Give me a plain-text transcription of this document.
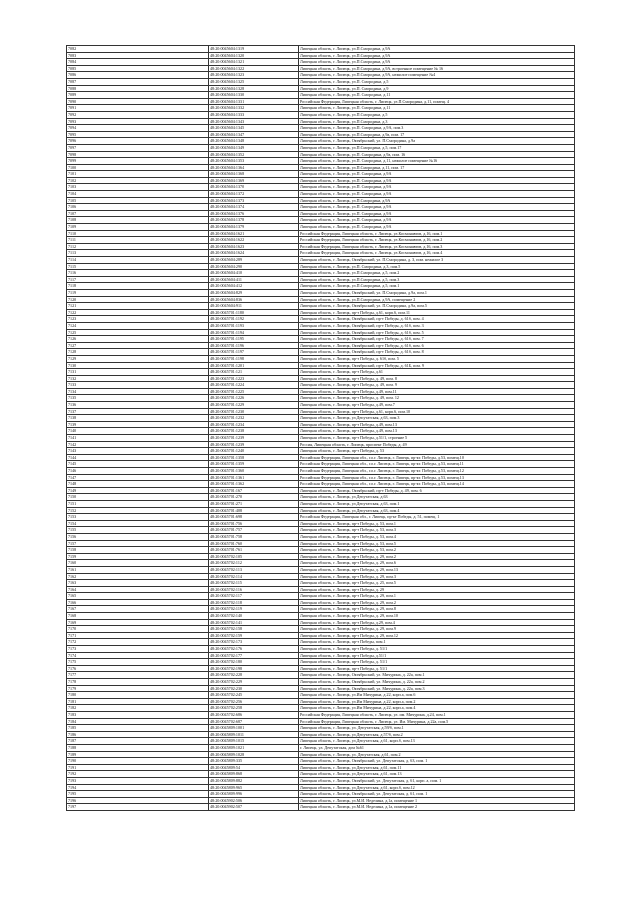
7082	48:20:0045604:1319	Липецкая область, г. Липецк, ул.П.Смородина, д.9А
7083	48:20:0045604:1320	Липецкая область, г. Липецк, ул.П.Смородина, д.9А
7084	48:20:0045604:1321	Липецкая область, г. Липецк, ул.П.Смородина, д.9А
7085	48:20:0045604:1322	Липецкая область, г. Липецк, ул.П.Смородина, д.9А, встроенное помещение № 16
7086	48:20:0045604:1323	Липецкая область, г. Липецк, ул.П.Смородина, д.9А, нежилое помещение №4
7087	48:20:0045604:1325	Липецкая область, г. Липецк, ул.П. Смородина, д.5
7088	48:20:0045604:1328	Липецкая область, г. Липецк, ул.П. Смородина, д.9
7089	48:20:0045604:1330	Липецкая область, г. Липецк, ул.П. Смородина, д.11
7090	48:20:0045604:1331	Российская Федерация, Липецкая область, г. Липецк, ул.П.Смородина, д.11, помещ. 4
7091	48:20:0045604:1332	Липецкая область, г. Липецк, ул.П. Смородина, д.11
7092	48:20:0045604:1333	Липецкая область, г. Липецк, ул.П.Смородина, д.5
7093	48:20:0045604:1343	Липецкая область, г. Липецк, ул.П.Смородина, д.3
7094	48:20:0045604:1345	Липецкая область, г. Липецк, ул.П. Смородина, д.9А, пом.3
7095	48:20:0045604:1347	Липецкая область, г. Липецк, ул.П.Смородина, д.9а, пом. 17
7096	48:20:0045604:1348	Липецкая область, г. Липецк, Октябрьский, ул. П.Смородина, д.9а
7097	48:20:0045604:1349	Липецкая область, г. Липецк, ул.П.Смородина, д.5, пом.17
7098	48:20:0045604:1352	Липецкая область, г. Липецк, ул.П. Смородина, д.9а, пом. 16
7099	48:20:0045604:1353	Липецкая область, г. Липецк, ул.П. Смородина, д.11, нежилое помещение №16
7100	48:20:0045604:1364	Липецкая область, г. Липецк, ул.П.Смородина, д.11, пом. 17
7101	48:20:0045604:1368	Липецкая область, г. Липецк, ул.П. Смородина, д.9А
7102	48:20:0045604:1369	Липецкая область, г. Липецк, ул.П. Смородина, д.9А
7103	48:20:0045604:1370	Липецкая область, г. Липецк, ул.П. Смородина, д.9А
7104	48:20:0045604:1372	Липецкая область, г. Липецк, ул.П. Смородина, д.9А
7105	48:20:0045604:1373	Липецкая область, г. Липецк, ул.П.Смородина, д.9А
7106	48:20:0045604:1374	Липецкая область, г. Липецк, ул.П. Смородина, д.9А
7107	48:20:0045604:1376	Липецкая область, г. Липецк, ул.П. Смородина, д.9А
7108	48:20:0045604:1378	Липецкая область, г. Липецк, ул.П. Смородина, д.9А
7109	48:20:0045604:1379	Липецкая область, г. Липецк, ул.П. Смородина, д.9А
7110	48:20:0045604:1621	Российская Федерация, Липецкая область, г. Липецк, ул.Космонавтов, д.16, пом.1
7111	48:20:0045604:1622	Российская Федерация, Липецкая область, г. Липецк, ул.Космонавтов, д.16, пом.2
7112	48:20:0045604:1623	Российская Федерация, Липецкая область, г. Липецк, ул.Космонавтов, д.16, пом.3
7113	48:20:0045604:1624	Российская Федерация, Липецкая область, г. Липецк, ул.Космонавтов, д.16, пом.4
7114	48:20:0045604:289	Липецкая область, г. Липецк, Октябрьский, ул. П.Смородина, д. 3, пом. нежилое 3
7115	48:20:0045604:290	Липецкая область, г. Липецк, ул.П. Смородина, д.3, пом.5
7116	48:20:0045604:410	Липецкая область, г. Липецк, ул.П.Смородина, д.5, пом.2
7117	48:20:0045604:411	Липецкая область, г. Липецк, ул.П.Смородина, д.5, пом.3
7118	48:20:0045604:412	Липецкая область, г. Липецк, ул.П.Смородина, д.5, пом.1
7119	48:20:0045604:829	Липецкая область, г. Липецк, Октябрьский, ул. П.Смородина, д.9а, пом.1
7120	48:20:0045604:836	Липецкая область, г. Липецк, ул.П.Смородина, д.9А, помещение 2
7121	48:20:0045604:911	Липецкая область, г. Липецк, Октябрьский, ул. П.Смородина, д.9а, пом.5
7122	48:20:0045701:1180	Липецкая область, г. Липецк, пр-т Победы, д.61, корп.6, пом.11
7123	48:20:0045701:1192	Липецкая область, г. Липецк, Октябрьский, пр-т Победы, д. 61б, пом. 4
7124	48:20:0045701:1193	Липецкая область, г. Липецк, Октябрьский, пр-т Победы, д. 61б, пом. 3
7125	48:20:0045701:1194	Липецкая область, г. Липецк, Октябрьский, пр-т Победы, д. 61б, пом. 5
7126	48:20:0045701:1195	Липецкая область, г. Липецк, Октябрьский, пр-т Победы, д. 61б, пом. 7
7127	48:20:0045701:1196	Липецкая область, г. Липецк, Октябрьский, пр-т Победы, д. 61б, пом. 6
7128	48:20:0045701:1197	Липецкая область, г. Липецк, Октябрьский, пр-т Победы, д. 61б, пом. 8
7129	48:20:0045701:1198	Липецкая область, г. Липецк, пр-т Победы, д. 61б, пом. 5
7130	48:20:0045701:1201	Липецкая область, г. Липецк, Октябрьский, пр-т Победы, д. 61Б, пом. 9
7131	48:20:0045701:121	Липецкая область, г. Липецк, пр-т Победы, д.61
7132	48:20:0045701:1223	Липецкая область, г. Липецк, пр-т Победы, д. 49, пом. 8
7133	48:20:0045701:1224	Липецкая область, г. Липецк, пр-т Победы, д. 49, пом. 9
7134	48:20:0045701:1225	Липецкая область, г. Липецк, пр-т Победы, д.49, пом.11
7135	48:20:0045701:1226	Липецкая область, г. Липецк, пр-т Победы, д. 49, пом. 12
7136	48:20:0045701:1229	Липецкая область, г. Липецк, пр-т Победы, д.49, пом.7
7137	48:20:0045701:1230	Липецкая область, г. Липецк, пр-т Победы, д.61, корп.6, пом.10
7138	48:20:0045701:1232	Липецкая область, г. Липецк, ул.Депутатская, д.63, пом.3
7139	48:20:0045701:1234	Липецкая область, г. Липецк, пр-т Победы, д.49, пом.13
7140	48:20:0045701:1238	Липецкая область, г. Липецк, пр-т Победы, д.49, пом.13
7141	48:20:0045701:1239	Липецкая область, г. Липецк, пр-т Победы, д.51/1, строение 5
7142	48:20:0045701:1239	Россия, Липецкая область, г. Липецк, проспект Победы, д. 49
7143	48:20:0045701:1240	Липецкая область, г. Липецк, пр-т Победы, д. 53
7144	48:20:0045701:1358	Российская Федерация, Липецкая обл., г.о.г. Липецк, г. Липецк, пр-кт. Победы, д.53, помещ.10
7145	48:20:0045701:1359	Российская Федерация, Липецкая обл., г.о.г. Липецк, г. Липецк, пр-кт. Победы, д.53, помещ.11
7146	48:20:0045701:1360	Российская Федерация, Липецкая обл., г.о.г. Липецк, г. Липецк, пр-кт. Победы, д.53, помещ.12
7147	48:20:0045701:1361	Российская Федерация, Липецкая обл., г.о.г. Липецк, г. Липецк, пр-кт. Победы, д.53, помещ.13
7148	48:20:0045701:1362	Российская Федерация, Липецкая обл., г.о.г. Липецк, г. Липецк, пр-кт. Победы, д.53, помещ.14
7149	48:20:0045701:167	Липецкая область, г. Липецк, Октябрьский, пр-т Победы, д. 49, пом. 6
7150	48:20:0045701:270	Липецкая область, г. Липецк, ул.Депутатская, д.63
7151	48:20:0045701:271	Липецкая область, г. Липецк, ул.Депутатская, д.63, пом.1
7152	48:20:0045701:408	Липецкая область, г. Липецк, ул.Депутатская, д.63, пом.4
7153	48:20:0045701:698	Российская Федерация, Липецкая обл., г. Липецк, пр-кт Победы, д. 51, помещ. 1
7154	48:20:0045701:756	Липецкая область, г. Липецк, пр-т Победы, д. 53, пом.1
7155	48:20:0045701:757	Липецкая область, г. Липецк, пр-т Победы, д. 53, пом.3
7156	48:20:0045701:758	Липецкая область, г. Липецк, пр-т Победы, д. 53, пом.4
7157	48:20:0045701:760	Липецкая область, г. Липецк, пр-т Победы, д. 53, пом.5
7158	48:20:0045701:761	Липецкая область, г. Липецк, пр-т Победы, д. 53, пом.2
7159	48:20:0045702:105	Липецкая область, г. Липецк, пр-т Победы, д. 29, пом.2
7160	48:20:0045702:112	Липецкая область, г. Липецк, пр-т Победы, д. 29, пом.6
7161	48:20:0045702:113	Липецкая область, г. Липецк, пр-т Победы, д. 29, пом.13
7162	48:20:0045702:114	Липецкая область, г. Липецк, пр-т Победы, д. 29, пом.3
7163	48:20:0045702:115	Липецкая область, г. Липецк, пр-т Победы, д. 25, пом.5
7164	48:20:0045702:116	Липецкая область, г. Липецк, пр-т Победы, д. 29
7165	48:20:0045702:117	Липецкая область, г. Липецк, пр-т Победы, д. 29, пом.1
7166	48:20:0045702:118	Липецкая область, г. Липецк, пр-т Победы, д. 29, пом.2
7167	48:20:0045702:119	Липецкая область, г. Липецк, пр-т Победы, д. 29, пом.8
7168	48:20:0045702:140	Липецкая область, г. Липецк, пр-т Победы, д. 29, пом.10
7169	48:20:0045702:141	Липецкая область, г. Липецк, пр-т Победы, д.29, пом.4
7170	48:20:0045702:158	Липецкая область, г. Липецк, пр-т Победы, д. 29, пом.9
7171	48:20:0045702:159	Липецкая область, г. Липецк, пр-т Победы, д. 29, пом.12
7172	48:20:0045702:173	Липецкая область, г. Липецк, пр-т Победы, пом.1
7173	48:20:0045702:176	Липецкая область, г. Липецк, пр-т Победы, д. 51/1
7174	48:20:0045702:177	Липецкая область, г. Липецк, пр-т Победы, д.51/1
7175	48:20:0045702:180	Липецкая область, г. Липецк, пр-т Победы, д. 51/1
7176	48:20:0045702:198	Липецкая область, г. Липецк, пр-т Победы, д. 51/1
7177	48:20:0045702:228	Липецкая область, г. Липецк, Октябрьский, ул. Мичурина, д. 22а, пом.1
7178	48:20:0045702:229	Липецкая область, г. Липецк, Октябрьский, ул. Мичурина, д. 22а, пом.2
7179	48:20:0045702:230	Липецкая область, г. Липецк, Октябрьский, ул. Мичурина, д. 22а, пом.3
7180	48:20:0045702:245	Липецкая область, г. Липецк, ул.Им Мичурина, д.22, корп.а, пом.6
7181	48:20:0045702:256	Липецкая область, г. Липецк, ул.Им Мичурина, д.22, корп.а, пом.2
7182	48:20:0045702:258	Липецкая область, г. Липецк, ул.Им Мичурина, д.22, корп.а, пом.4
7183	48:20:0045702:686	Российская Федерация, Липецкая область, г. Липецк, ул. им. Мичурина, д.24, пом.1
7184	48:20:0045702:687	Российская Федерация, Липецкая область, г. Липецк, ул. Им. Мичурина, д.22а, пом.5
7185	48:20:0045809:1001	Липецкая область, г. Липецк, ул. Депутатская, д.59/б, пом.1
7186	48:20:0045809:1011	Липецкая область, г. Липецк, ул.Депутатская, д.57/б, пом.2
7187	48:20:0045809:1015	Липецкая область, г. Липецк, ул.Депутатская, д.61, корп.б, пом.13
7188	48:20:0045809:1021	г. Липецк, ул. Депутатская, дом №61
7189	48:20:0045809:1028	Липецкая область, г. Липецк, ул. Депутатская, д.61, пом.2
7190	48:20:0045809:335	Липецкая область, г. Липецк, Октябрьский, ул. Депутатская, д. 63, пом. 1
7191	48:20:0045809:54	Липецкая область, г. Липецк, ул.Депутатская, д.61, пом.11
7192	48:20:0045809:868	Липецкая область, г. Липецк, ул.Депутатская, д.61, пом.13
7193	48:20:0045809:882	Липецкая область, г. Липецк, Октябрьский, ул. Депутатская, д. 61, корп. а, пом. 1
7194	48:20:0045809:965	Липецкая область, г. Липецк, ул.Депутатская, д.61, корп.б, пом.12
7195	48:20:0045809:996	Липецкая область, г. Липецк, Октябрьский, ул. Депутатская, д. 61, пом. 1
7196	48:20:0045902:506	Липецкая область, г. Липецк, ул.М.И. Неделина, д.1а, помещение 1
7197	48:20:0045902:507	Липецкая область, г. Липецк, ул.М.И. Неделина, д.1а, помещение 2
